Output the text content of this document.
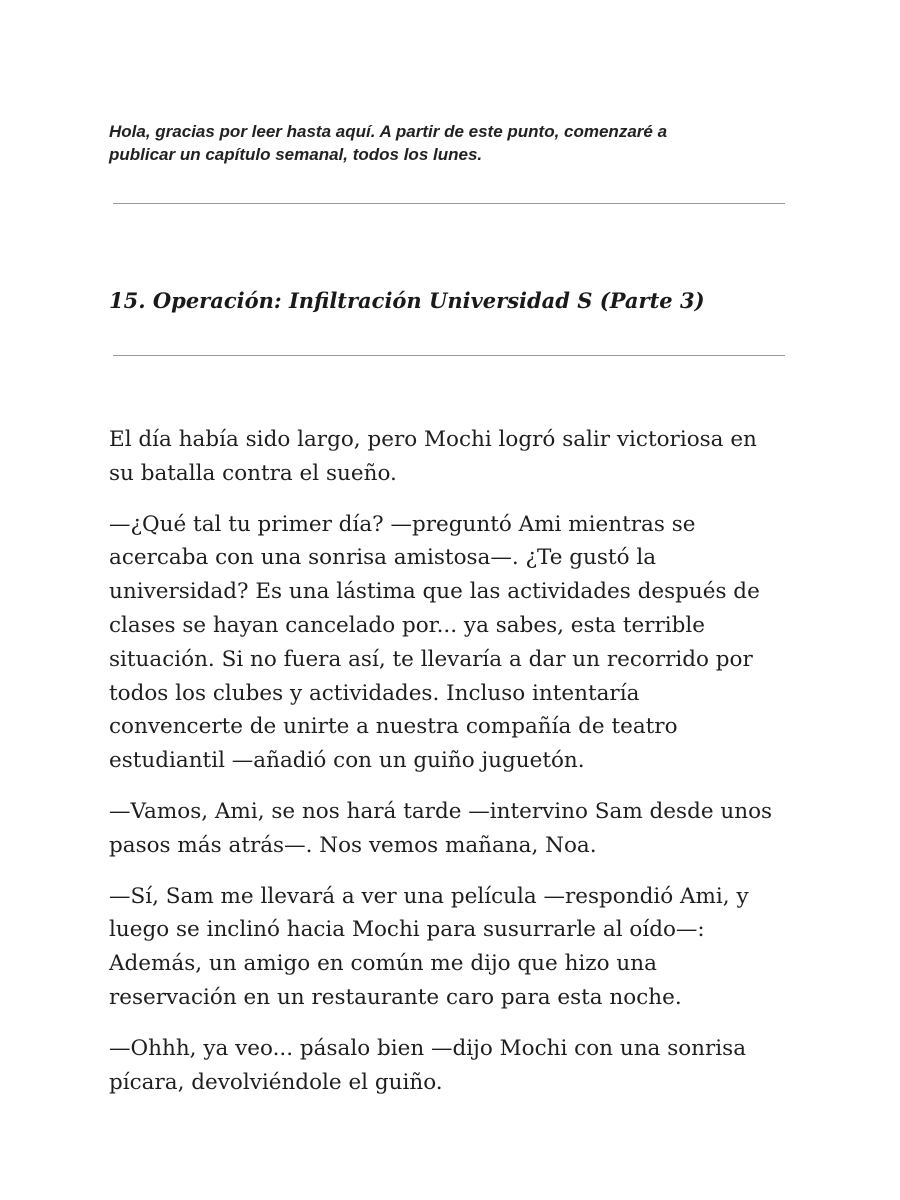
Hola, gracias por leer hasta aquí. A partir de este punto, comenzaré a
publicar un capítulo semanal, todos los lunes.

15. Operación: Infiltración Universidad S (Parte 3)

El día había sido largo, pero Mochi logró salir victoriosa en
su batalla contra el sueño.

—¿Qué tal tu primer día? —preguntó Ami mientras se
acercaba con una sonrisa amistosa—. ¿Te gustó la
universidad? Es una lástima que las actividades después de
clases se hayan cancelado por... ya sabes, esta terrible
situación. Si no fuera así, te llevaría a dar un recorrido por
todos los clubes y actividades. Incluso intentaría
convencerte de unirte a nuestra compañía de teatro
estudiantil —añadió con un guiño juguetón.

—Vamos, Ami, se nos hará tarde —intervino Sam desde unos
pasos más atrás—. Nos vemos mañana, Noa.

—Sí, Sam me llevará a ver una película —respondió Ami, y
luego se inclinó hacia Mochi para susurrarle al oído—:
Además, un amigo en común me dijo que hizo una
reservación en un restaurante caro para esta noche.

—Ohhh, ya veo... pásalo bien —dijo Mochi con una sonrisa
pícara, devolviéndole el guiño.
